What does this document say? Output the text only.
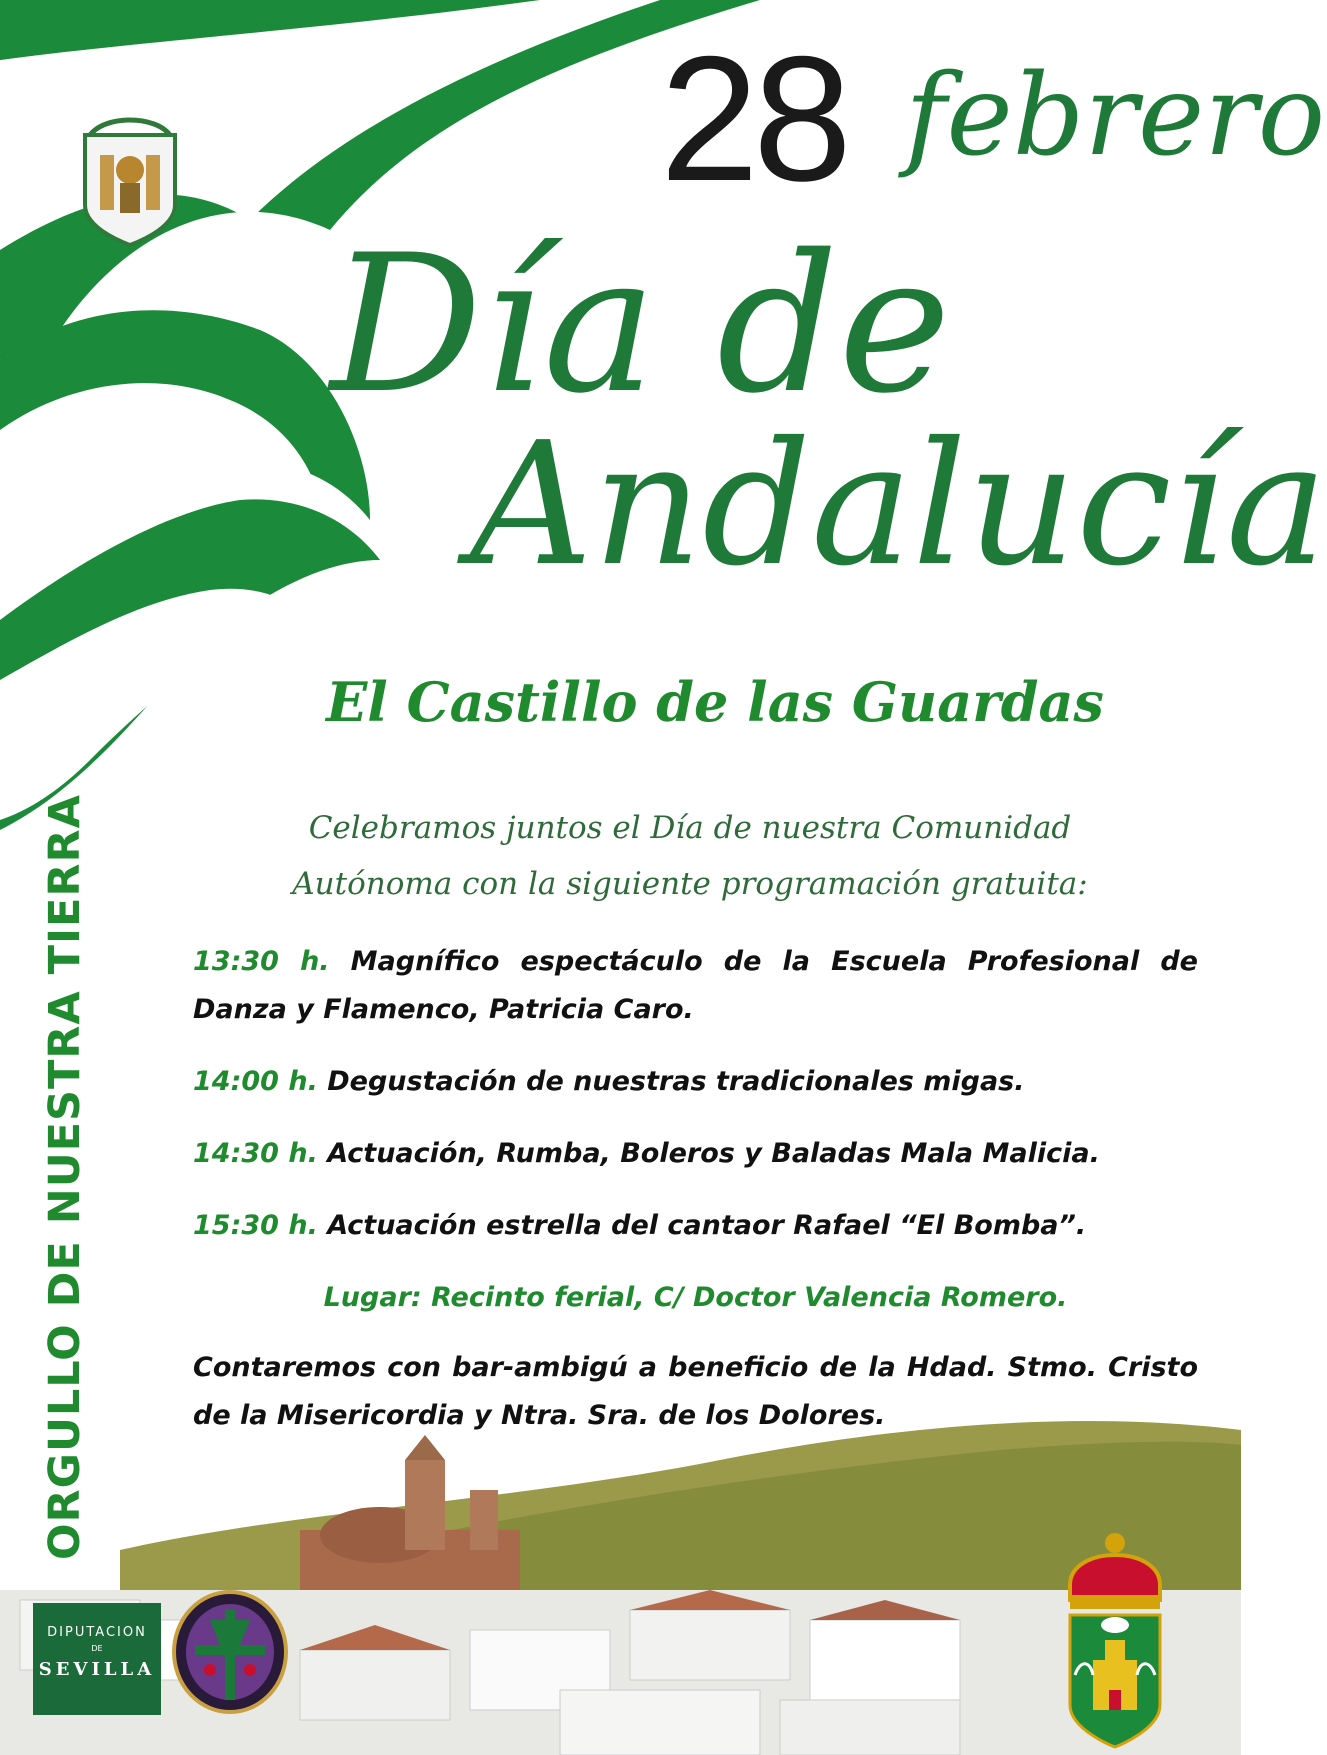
28 febrero
Día de
Andalucía
El Castillo de las Guardas
Celebramos juntos el Día de nuestra Comunidad
Autónoma con la siguiente programación gratuita:
13:30 h. Magnífico espectáculo de la Escuela Profesional de Danza y Flamenco, Patricia Caro.
14:00 h. Degustación de nuestras tradicionales migas.
14:30 h. Actuación, Rumba, Boleros y Baladas Mala Malicia.
15:30 h. Actuación estrella del cantaor Rafael “El Bomba”.
Lugar: Recinto ferial, C/ Doctor Valencia Romero.
Contaremos con bar-ambigú a beneficio de la Hdad. Stmo. Cristo de la Misericordia y Ntra. Sra. de los Dolores.
ORGULLO DE NUESTRA TIERRA
DIPUTACION
DE
SEVILLA
